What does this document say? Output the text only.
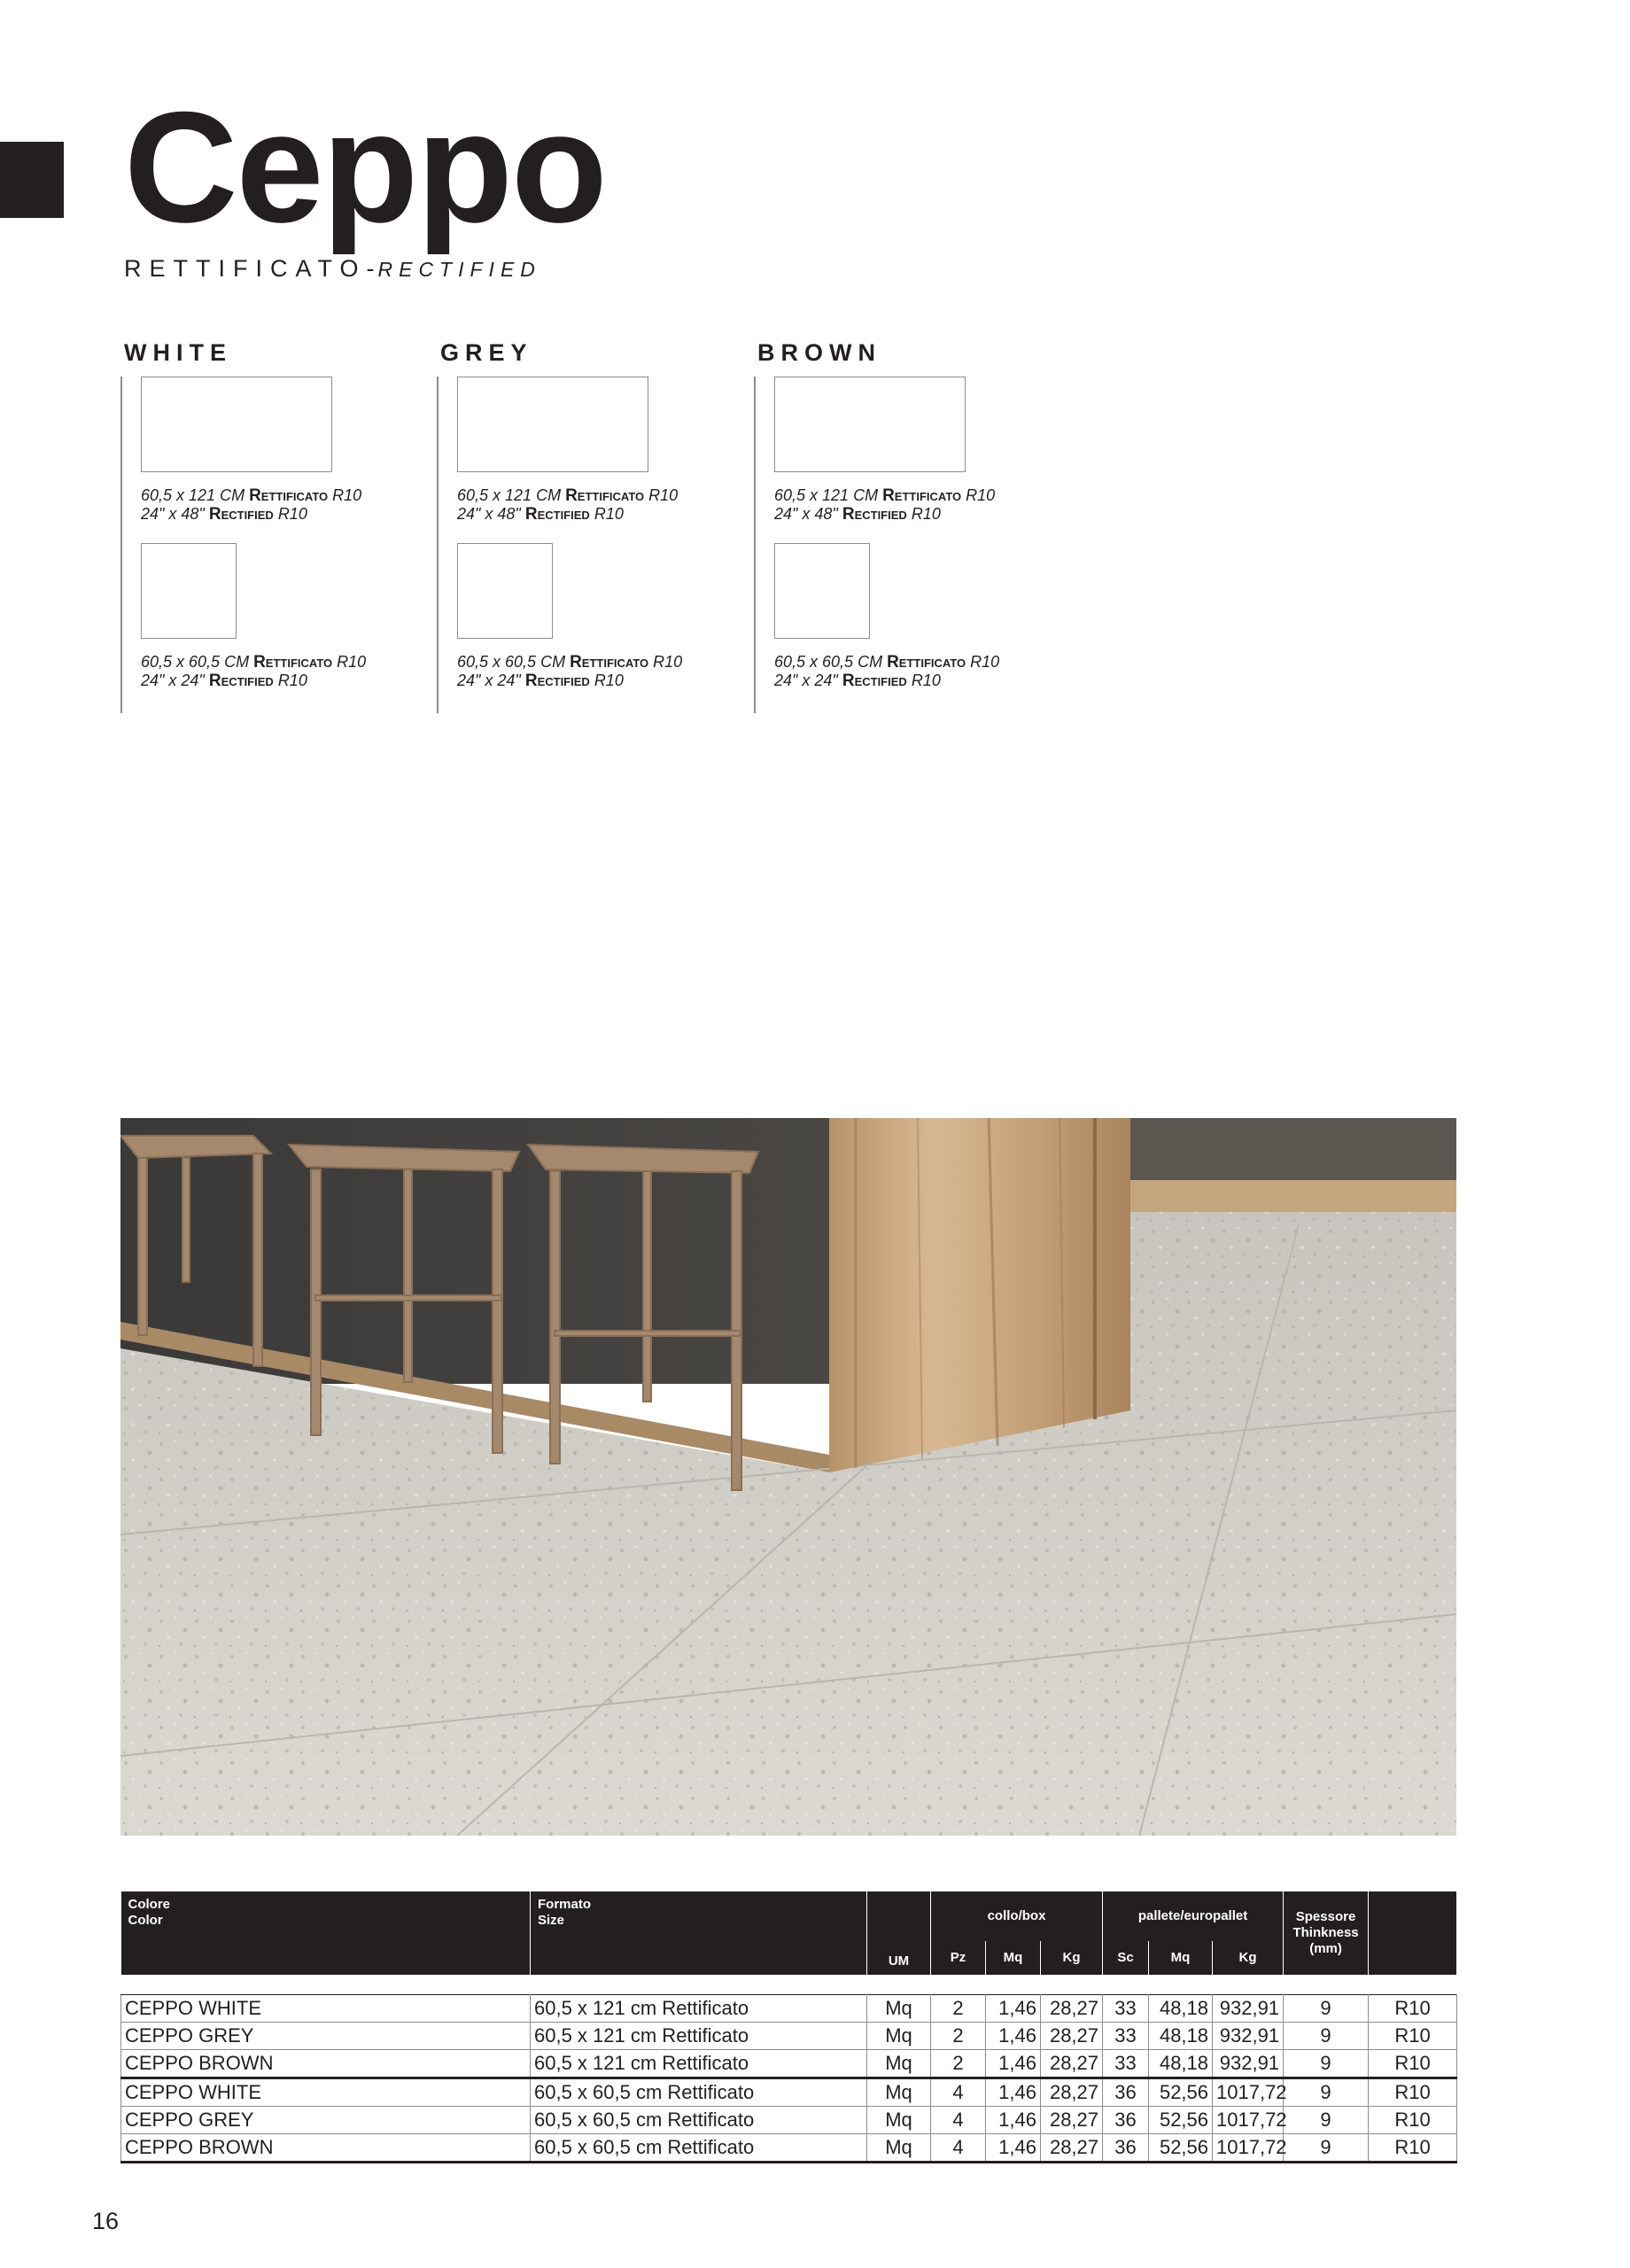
Ceppo
RETTIFICATO-RECTIFIED
WHITE
60,5 x 121 CM Rettificato R10
24" x 48" Rectified R10
60,5 x 60,5 CM Rettificato R10
24" x 24" Rectified R10
GREY
60,5 x 121 CM Rettificato R10
24" x 48" Rectified R10
60,5 x 60,5 CM Rettificato R10
24" x 24" Rectified R10
BROWN
60,5 x 121 CM Rettificato R10
24" x 48" Rectified R10
60,5 x 60,5 CM Rettificato R10
24" x 24" Rectified R10
Colore
Color	Formato
Size	UM	collo/box			pallete/europallet			Spessore
Thinkness
(mm)	
			Pz	Mq	Kg	Sc	Mq	Kg		

CEPPO WHITE	60,5 x 121 cm Rettificato	Mq	2	1,46	28,27	33	48,18	932,91	9	R10
CEPPO GREY	60,5 x 121 cm Rettificato	Mq	2	1,46	28,27	33	48,18	932,91	9	R10
CEPPO BROWN	60,5 x 121 cm Rettificato	Mq	2	1,46	28,27	33	48,18	932,91	9	R10
CEPPO WHITE	60,5 x 60,5 cm Rettificato	Mq	4	1,46	28,27	36	52,56	1017,72	9	R10
CEPPO GREY	60,5 x 60,5 cm Rettificato	Mq	4	1,46	28,27	36	52,56	1017,72	9	R10
CEPPO BROWN	60,5 x 60,5 cm Rettificato	Mq	4	1,46	28,27	36	52,56	1017,72	9	R10
16
